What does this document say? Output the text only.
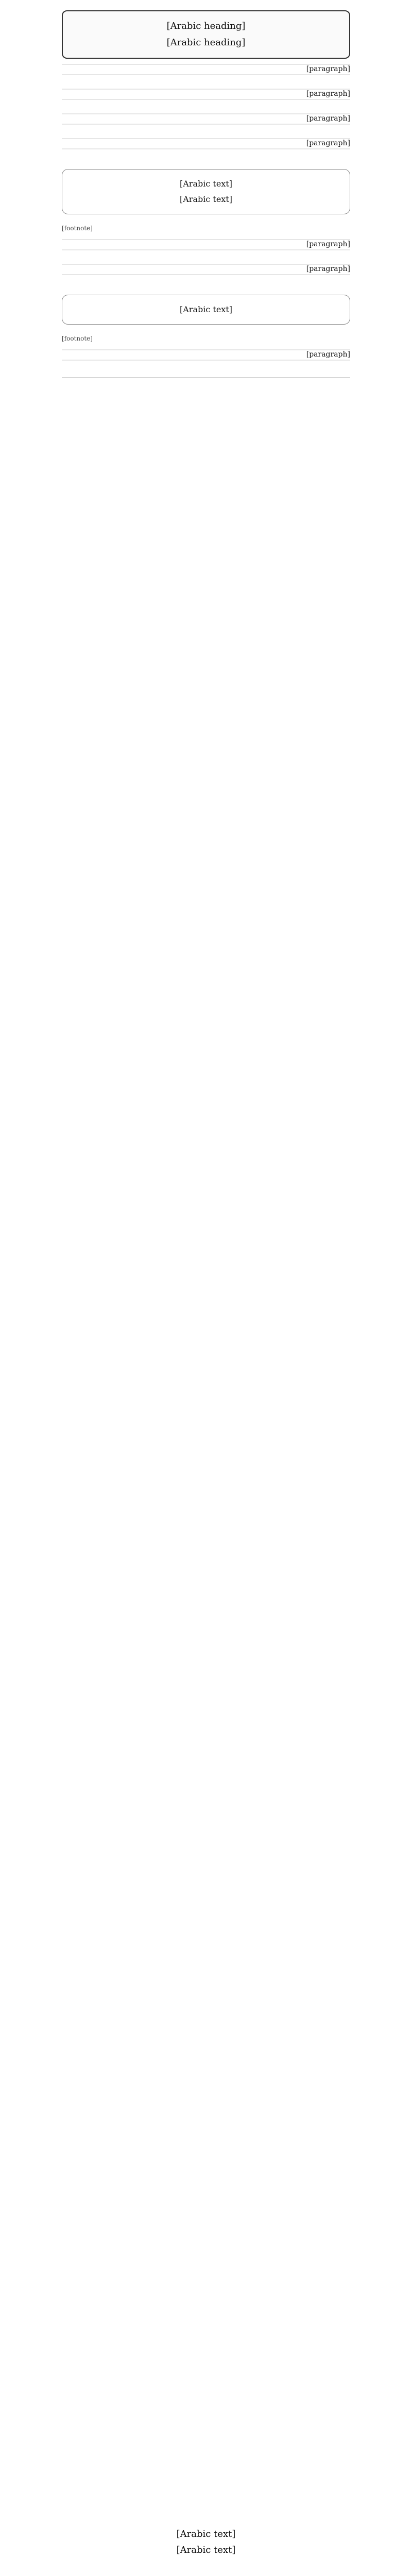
[Arabic heading]

[Arabic heading]

[paragraph]

[paragraph]

[paragraph]

[paragraph]

[Arabic text]

[Arabic text]

[footnote]

[paragraph]

[paragraph]

[Arabic text]

[footnote]

[paragraph]

[Arabic text]
[Arabic text]
